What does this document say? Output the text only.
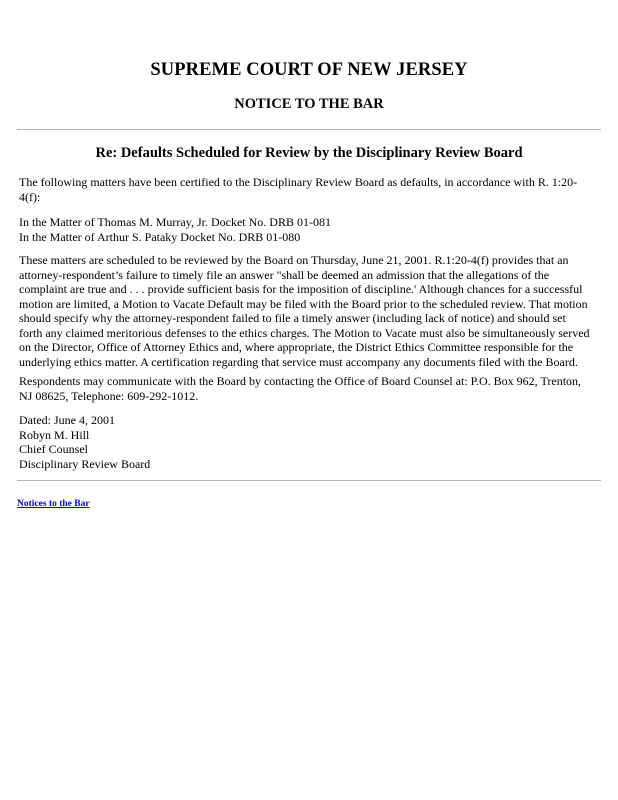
SUPREME COURT OF NEW JERSEY
NOTICE TO THE BAR
Re: Defaults Scheduled for Review by the Disciplinary Review Board

The following matters have been certified to the Disciplinary Review Board as defaults, in accordance with R. 1:20-4(f):

In the Matter of Thomas M. Murray, Jr. Docket No. DRB 01-081
In the Matter of Arthur S. Pataky Docket No. DRB 01-080

These matters are scheduled to be reviewed by the Board on Thursday, June 21, 2001. R.1:20-4(f) provides that an attorney-respondent’s failure to timely file an answer "shall be deemed an admission that the allegations of the complaint are true and . . . provide sufficient basis for the imposition of discipline.' Although chances for a successful motion are limited, a Motion to Vacate Default may be filed with the Board prior to the scheduled review. That motion should specify why the attorney-respondent failed to file a timely answer (including lack of notice) and should set forth any claimed meritorious defenses to the ethics charges. The Motion to Vacate must also be simultaneously served on the Director, Office of Attorney Ethics and, where appropriate, the District Ethics Committee responsible for the underlying ethics matter. A certification regarding that service must accompany any documents filed with the Board.

Respondents may communicate with the Board by contacting the Office of Board Counsel at: P.O. Box 962, Trenton, NJ 08625, Telephone: 609-292-1012.

Dated: June 4, 2001
Robyn M. Hill
Chief Counsel
Disciplinary Review Board
Notices to the Bar
